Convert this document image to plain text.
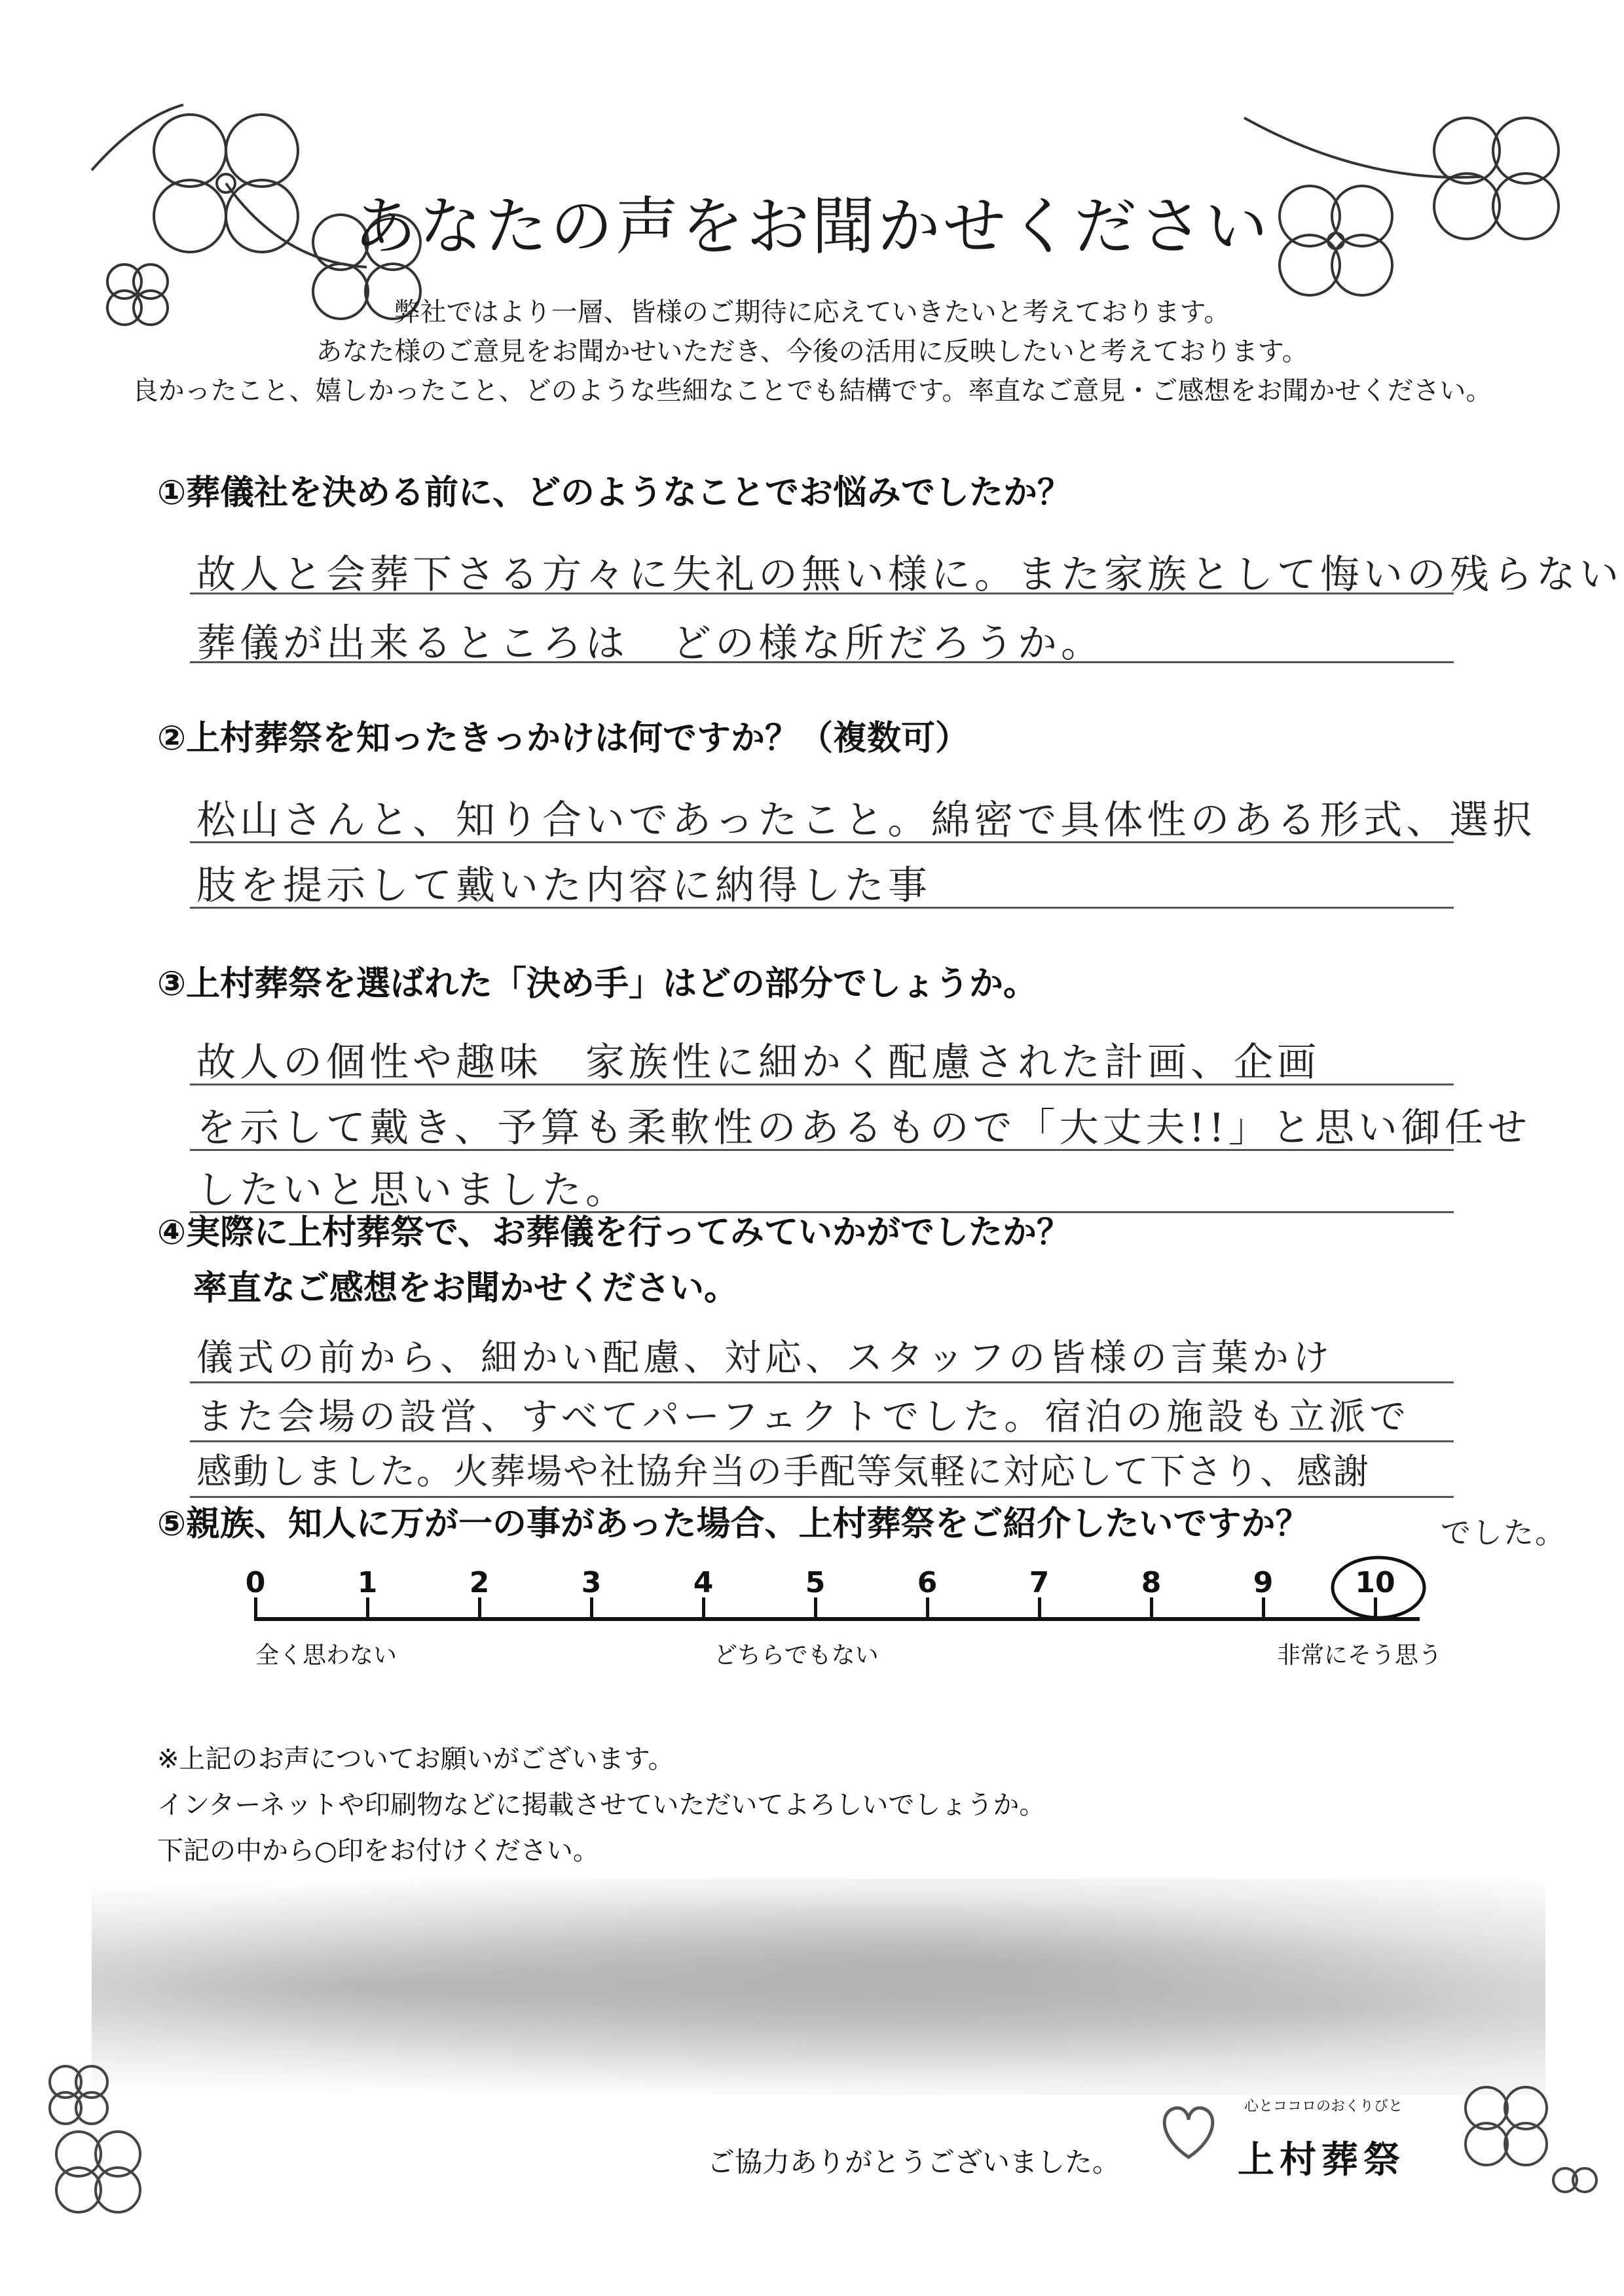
あなたの声をお聞かせください
弊社ではより一層、皆様のご期待に応えていきたいと考えております。
あなた様のご意見をお聞かせいただき、今後の活用に反映したいと考えております。
良かったこと、嬉しかったこと、どのような些細なことでも結構です。率直なご意見・ご感想をお聞かせください。
①葬儀社を決める前に、どのようなことでお悩みでしたか？
故人と会葬下さる方々に失礼の無い様に。また家族として悔いの残らない
葬儀が出来るところは　どの様な所だろうか。
②上村葬祭を知ったきっかけは何ですか？（複数可）
松山さんと、知り合いであったこと。綿密で具体性のある形式、選択
肢を提示して戴いた内容に納得した事
③上村葬祭を選ばれた「決め手」はどの部分でしょうか。
故人の個性や趣味　家族性に細かく配慮された計画、企画
を示して戴き、予算も柔軟性のあるもので「大丈夫!!」と思い御任せ
したいと思いました。
④実際に上村葬祭で、お葬儀を行ってみていかがでしたか？
率直なご感想をお聞かせください。
儀式の前から、細かい配慮、対応、スタッフの皆様の言葉かけ
また会場の設営、すべてパーフェクトでした。宿泊の施設も立派で
感動しました。火葬場や社協弁当の手配等気軽に対応して下さり、感謝
でした。
⑤親族、知人に万が一の事があった場合、上村葬祭をご紹介したいですか？
0	1	2	3	4	5	6	7	8	9	10
全く思わない	どちらでもない	非常にそう思う
※上記のお声についてお願いがございます。
インターネットや印刷物などに掲載させていただいてよろしいでしょうか。
下記の中から○印をお付けください。
ご協力ありがとうございました。
心とココロのおくりびと
上村葬祭
